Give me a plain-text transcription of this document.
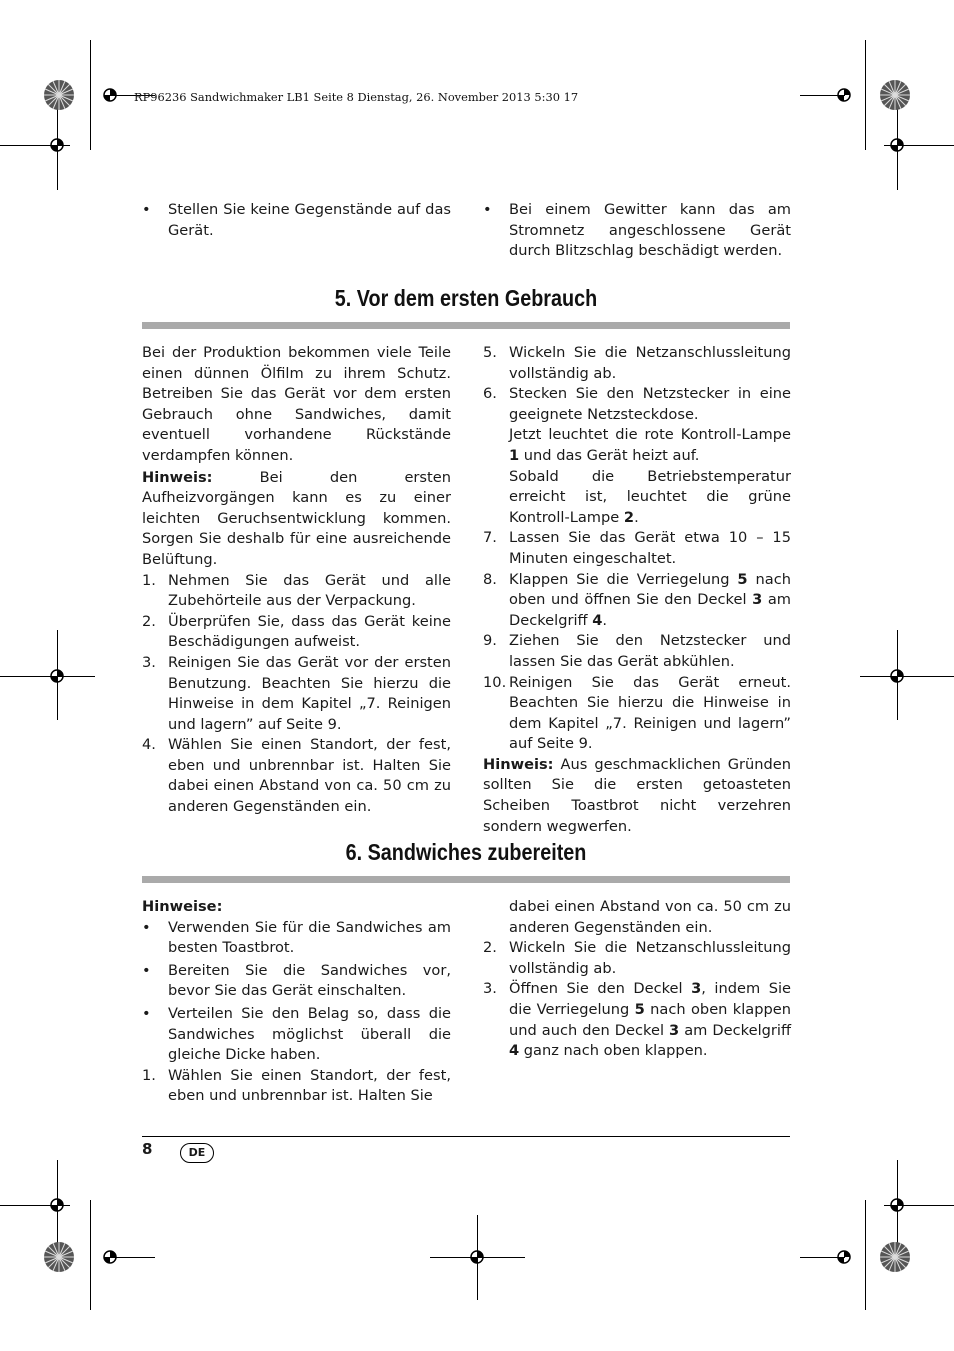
RP96236 Sandwichmaker LB1 Seite 8 Dienstag, 26. November 2013 5:30 17

• Stellen Sie keine Gegenstände auf das Gerät.

• Bei einem Gewitter kann das am Stromnetz angeschlossene Gerät durch Blitzschlag beschädigt werden.

5. Vor dem ersten Gebrauch

Bei der Produktion bekommen viele Teile einen dünnen Ölfilm zu ihrem Schutz. Betreiben Sie das Gerät vor dem ersten Gebrauch ohne Sandwiches, damit eventuell vorhandene Rückstände verdampfen können.

Hinweis: Bei den ersten Aufheizvorgängen kann es zu einer leichten Geruchsentwicklung kommen. Sorgen Sie deshalb für eine ausreichende Belüftung.

1. Nehmen Sie das Gerät und alle Zubehörteile aus der Verpackung.

2. Überprüfen Sie, dass das Gerät keine Beschädigungen aufweist.

3. Reinigen Sie das Gerät vor der ersten Benutzung. Beachten Sie hierzu die Hinweise in dem Kapitel „7. Reinigen und lagern” auf Seite 9.

4. Wählen Sie einen Standort, der fest, eben und unbrennbar ist. Halten Sie dabei einen Abstand von ca. 50 cm zu anderen Gegenständen ein.

5. Wickeln Sie die Netzanschlussleitung vollständig ab.

6. Stecken Sie den Netzstecker in eine geeignete Netzsteckdose.

Jetzt leuchtet die rote Kontroll-Lampe 1 und das Gerät heizt auf.

Sobald die Betriebstemperatur erreicht ist, leuchtet die grüne Kontroll-Lampe 2.

7. Lassen Sie das Gerät etwa 10 – 15 Minuten eingeschaltet.

8. Klappen Sie die Verriegelung 5 nach oben und öffnen Sie den Deckel 3 am Deckelgriff 4.

9. Ziehen Sie den Netzstecker und lassen Sie das Gerät abkühlen.

10. Reinigen Sie das Gerät erneut. Beachten Sie hierzu die Hinweise in dem Kapitel „7. Reinigen und lagern” auf Seite 9.

Hinweis: Aus geschmacklichen Gründen sollten Sie die ersten getoasteten Scheiben Toastbrot nicht verzehren sondern wegwerfen.

6. Sandwiches zubereiten

Hinweise:

• Verwenden Sie für die Sandwiches am besten Toastbrot.

• Bereiten Sie die Sandwiches vor, bevor Sie das Gerät einschalten.

• Verteilen Sie den Belag so, dass die Sandwiches möglichst überall die gleiche Dicke haben.

1. Wählen Sie einen Standort, der fest, eben und unbrennbar ist. Halten Sie

dabei einen Abstand von ca. 50 cm zu anderen Gegenständen ein.

2. Wickeln Sie die Netzanschlussleitung vollständig ab.

3. Öffnen Sie den Deckel 3, indem Sie die Verriegelung 5 nach oben klappen und auch den Deckel 3 am Deckelgriff 4 ganz nach oben klappen.

8	DE
